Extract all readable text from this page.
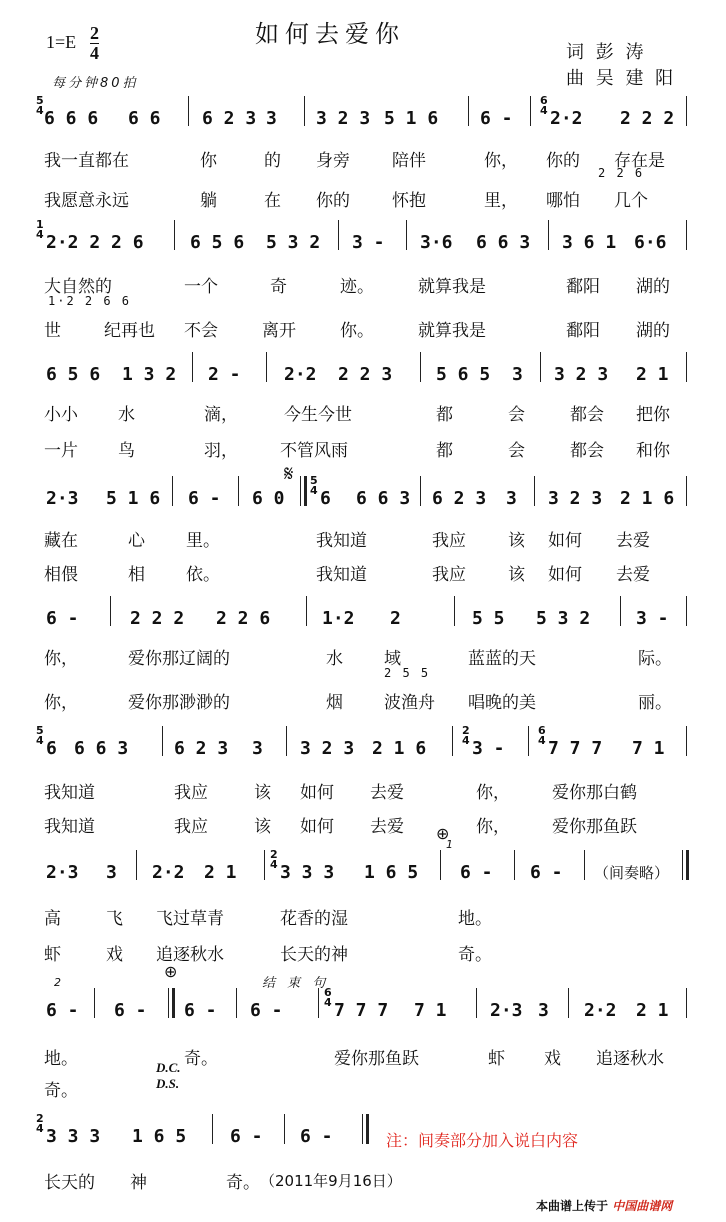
如何去爱你
$1=E \frac{2}{4}$
每分钟80拍
词 彭 涛
曲 吴 建 阳
5
4 6 6 6 6 6 6 2 3 3 3 2 3 5 1 6 6 -
6
4 2·2 2 2 2
我一直都在	你	的 身旁 陪伴	你， 你的 存在是
2 2 6
我愿意永远	躺	在 你的 怀抱	里， 哪怕 几个
1
4 2·2 2 2 6	6 5 6 5 3 2 3 - 3·6 6 6 3 3 6 1 6·6
大自然的	一个	奇	迹。	就算我是	鄱阳 湖的
1·2 2 6 6
世	纪再也 不会	离开	你。	就算我是	鄱阳 湖的
6 5 6 1 3 2 2 - 2·2 2 2 3 5 6 5 3 3 2 3 2 1
小小 水	滴，	今生今世	都	会	都会 把你
一片 鸟	羽， 不管风雨	都	会	都会 和你
𝄋
2·3 5 1 6 6 - 6 0
5
4 6 6 6 3 6 2 3 3 3 2 3 2 1 6
藏在	心 里。	我知道	我应 该 如何 去爱
相偎	相 依。	我知道	我应 该 如何 去爱
6 -	2 2 2 2 2 6	1·2 2	5 5 5 3 2	3 -
你，	爱你那辽阔的	水 域	蓝蓝的天	际。
2 5 5
你，	爱你那渺渺的	烟 波渔舟 唱晚的美	丽。
5
4 6 6 6 3	6 2 3 3 3 2 3 2 1 6
2
4 3 -
6
4 7 7 7 7 1
我知道	我应	该 如何 去爱	你， 爱你那白鹤
我知道	我应	该 如何 去爱	你， 爱你那鱼跃
⊕
2·3 3 2·2 2 1
2
4 3 3 3 1 6 5
1
6 - 6 - （间奏略）
高	飞 飞过草青	花香的湿	地。
虾	戏 追逐秋水	长天的神	奇。
⊕
结 束 句
2
6 - 6 - 6 - 6 -
6
4 7 7 7 7 1 2·3 3 2·2 2 1
地。	奇。	爱你那鱼跃	虾 戏 追逐秋水
D.C.
D.S.
奇。
2
4 3 3 3 1 6 5 6 - 6 -	注：间奏部分加入说白内容
长天的 神	奇。 （2011年9月16日）
本曲谱上传于 中国曲谱网
